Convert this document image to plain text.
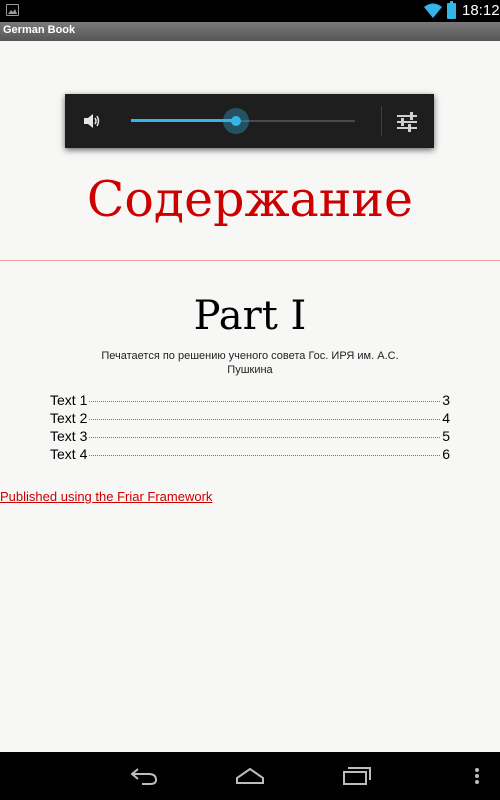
18:12
German Book
Содержание
Part I
Печатается по решению ученого совета Гос. ИРЯ им. А.С. Пушкина
Text 1	3
Text 2	4
Text 3	5
Text 4	6
Published using the Friar Framework
